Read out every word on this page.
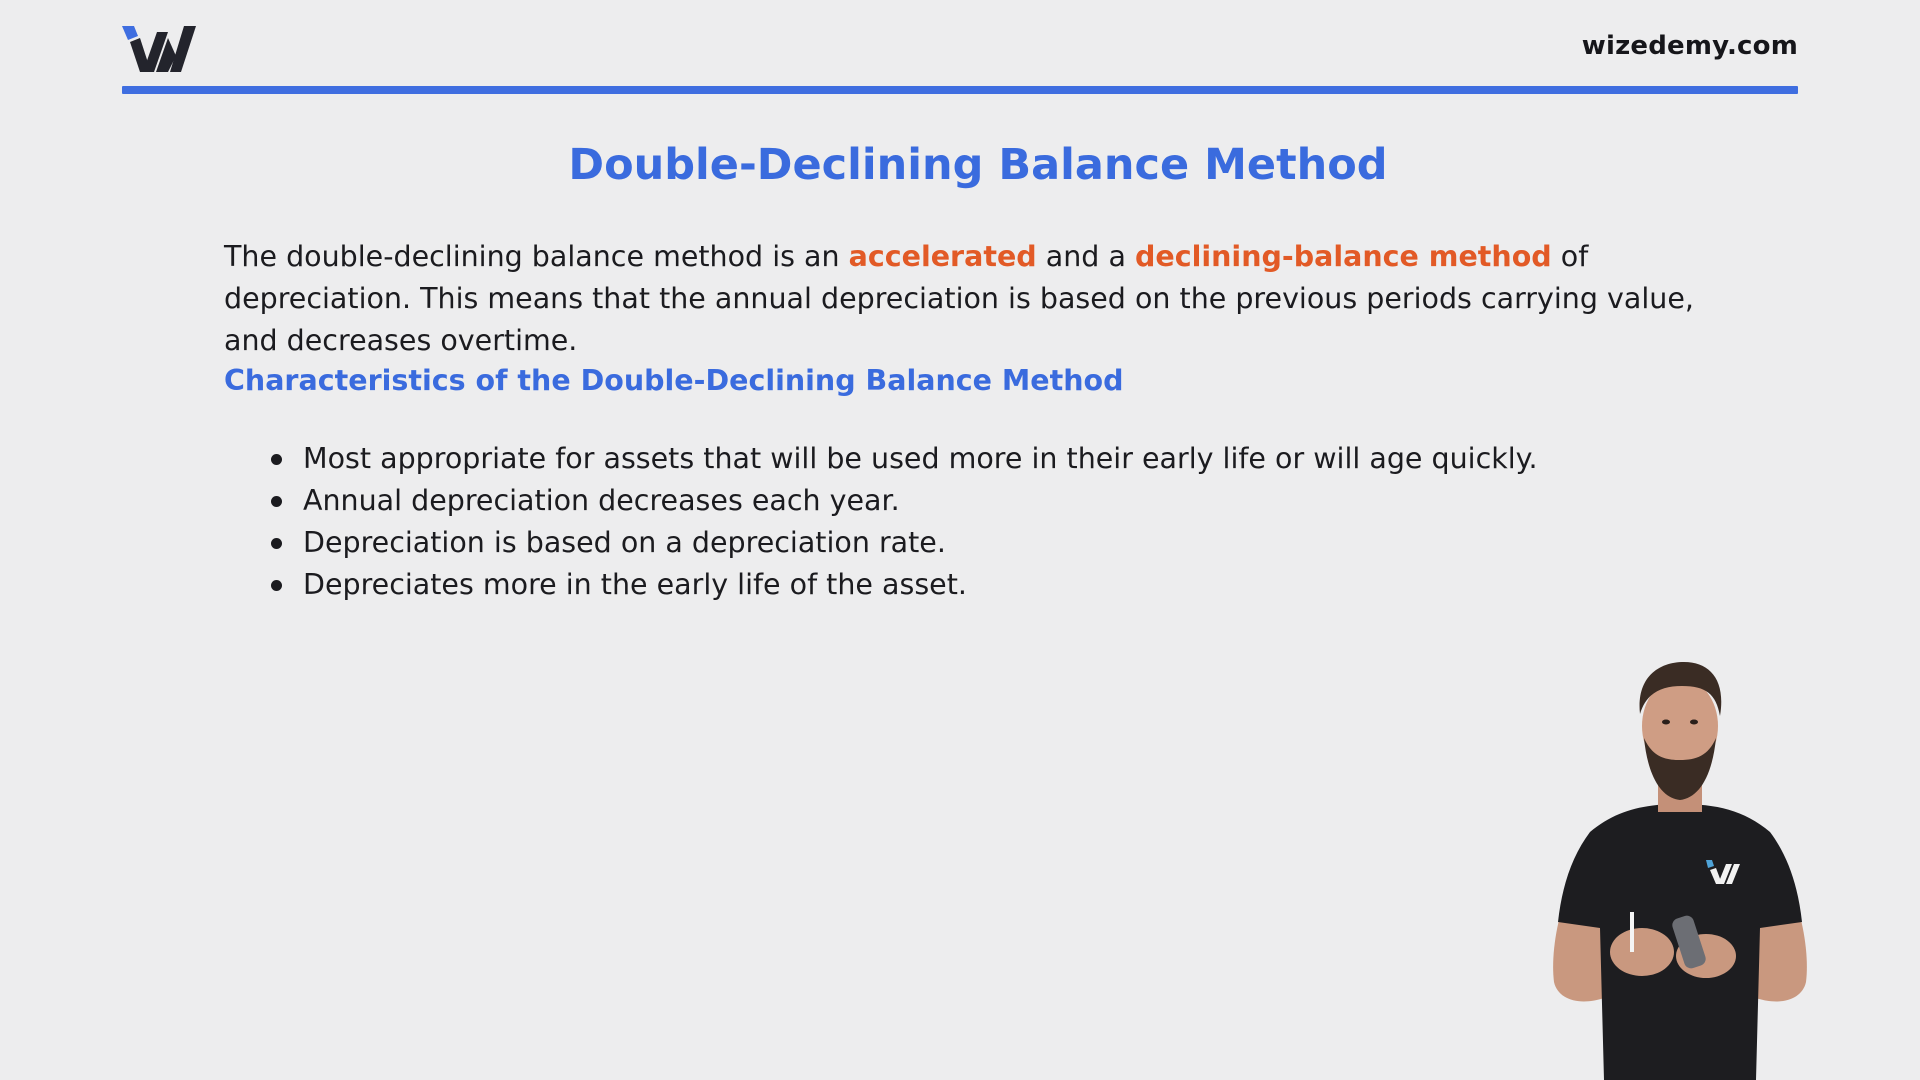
wizedemy.com
Double-Declining Balance Method

The double-declining balance method is an accelerated and a declining-balance method of depreciation. This means that the annual depreciation is based on the previous periods carrying value, and decreases overtime.

Characteristics of the Double-Declining Balance Method
Most appropriate for assets that will be used more in their early life or will age quickly.
Annual depreciation decreases each year.
Depreciation is based on a depreciation rate.
Depreciates more in the early life of the asset.
